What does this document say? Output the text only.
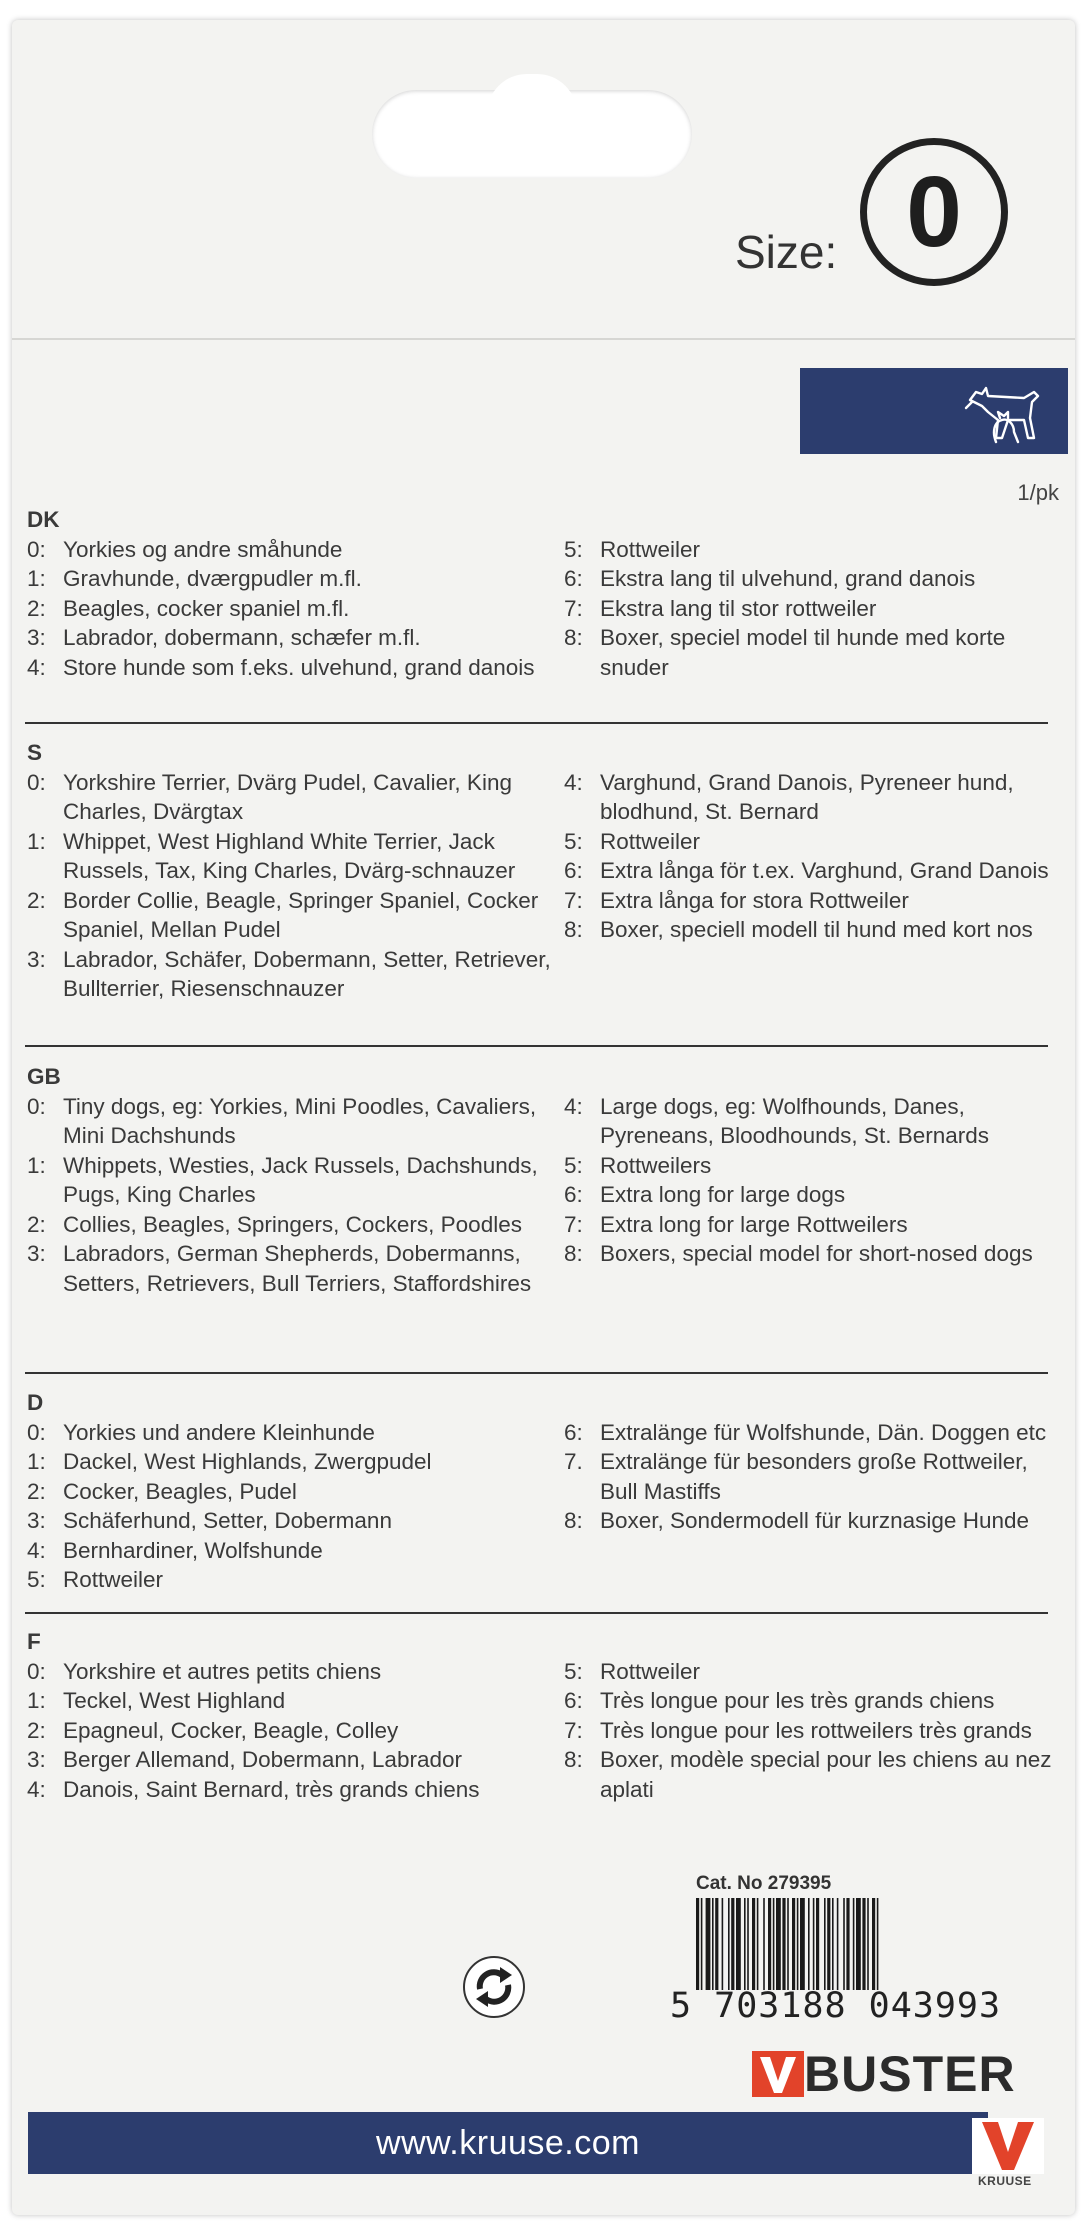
Size: 0
1/pk
DK
0: Yorkies og andre småhunde
1: Gravhunde, dværgpudler m.fl.
2: Beagles, cocker spaniel m.fl.
3: Labrador, dobermann, schæfer m.fl.
4: Store hunde som f.eks. ulvehund, grand danois
5: Rottweiler
6: Ekstra lang til ulvehund, grand danois
7: Ekstra lang til stor rottweiler
8: Boxer, speciel model til hunde med korte snuder
S
0: Yorkshire Terrier, Dvärg Pudel, Cavalier, King Charles, Dvärgtax
1: Whippet, West Highland White Terrier, Jack Russels, Tax, King Charles, Dvärg-schnauzer
2: Border Collie, Beagle, Springer Spaniel, Cocker Spaniel, Mellan Pudel
3: Labrador, Schäfer, Dobermann, Setter, Retriever, Bullterrier, Riesenschnauzer
4: Varghund, Grand Danois, Pyreneer hund, blodhund, St. Bernard
5: Rottweiler
6: Extra långa för t.ex. Varghund, Grand Danois
7: Extra långa for stora Rottweiler
8: Boxer, speciell modell til hund med kort nos
GB
0: Tiny dogs, eg: Yorkies, Mini Poodles, Cavaliers, Mini Dachshunds
1: Whippets, Westies, Jack Russels, Dachshunds, Pugs, King Charles
2: Collies, Beagles, Springers, Cockers, Poodles
3: Labradors, German Shepherds, Dobermanns, Setters, Retrievers, Bull Terriers, Staffordshires
4: Large dogs, eg: Wolfhounds, Danes, Pyreneans, Bloodhounds, St. Bernards
5: Rottweilers
6: Extra long for large dogs
7: Extra long for large Rottweilers
8: Boxers, special model for short-nosed dogs
D
0: Yorkies und andere Kleinhunde
1: Dackel, West Highlands, Zwergpudel
2: Cocker, Beagles, Pudel
3: Schäferhund, Setter, Dobermann
4: Bernhardiner, Wolfshunde
5: Rottweiler
6: Extralänge für Wolfshunde, Dän. Doggen etc
7. Extralänge für besonders große Rottweiler, Bull Mastiffs
8: Boxer, Sondermodell für kurznasige Hunde
F
0: Yorkshire et autres petits chiens
1: Teckel, West Highland
2: Epagneul, Cocker, Beagle, Colley
3: Berger Allemand, Dobermann, Labrador
4: Danois, Saint Bernard, très grands chiens
5: Rottweiler
6: Très longue pour les très grands chiens
7: Très longue pour les rottweilers très grands
8: Boxer, modèle special pour les chiens au nez aplati
Cat. No 279395
5 703188 043993
BUSTER
www.kruuse.com
KRUUSE
